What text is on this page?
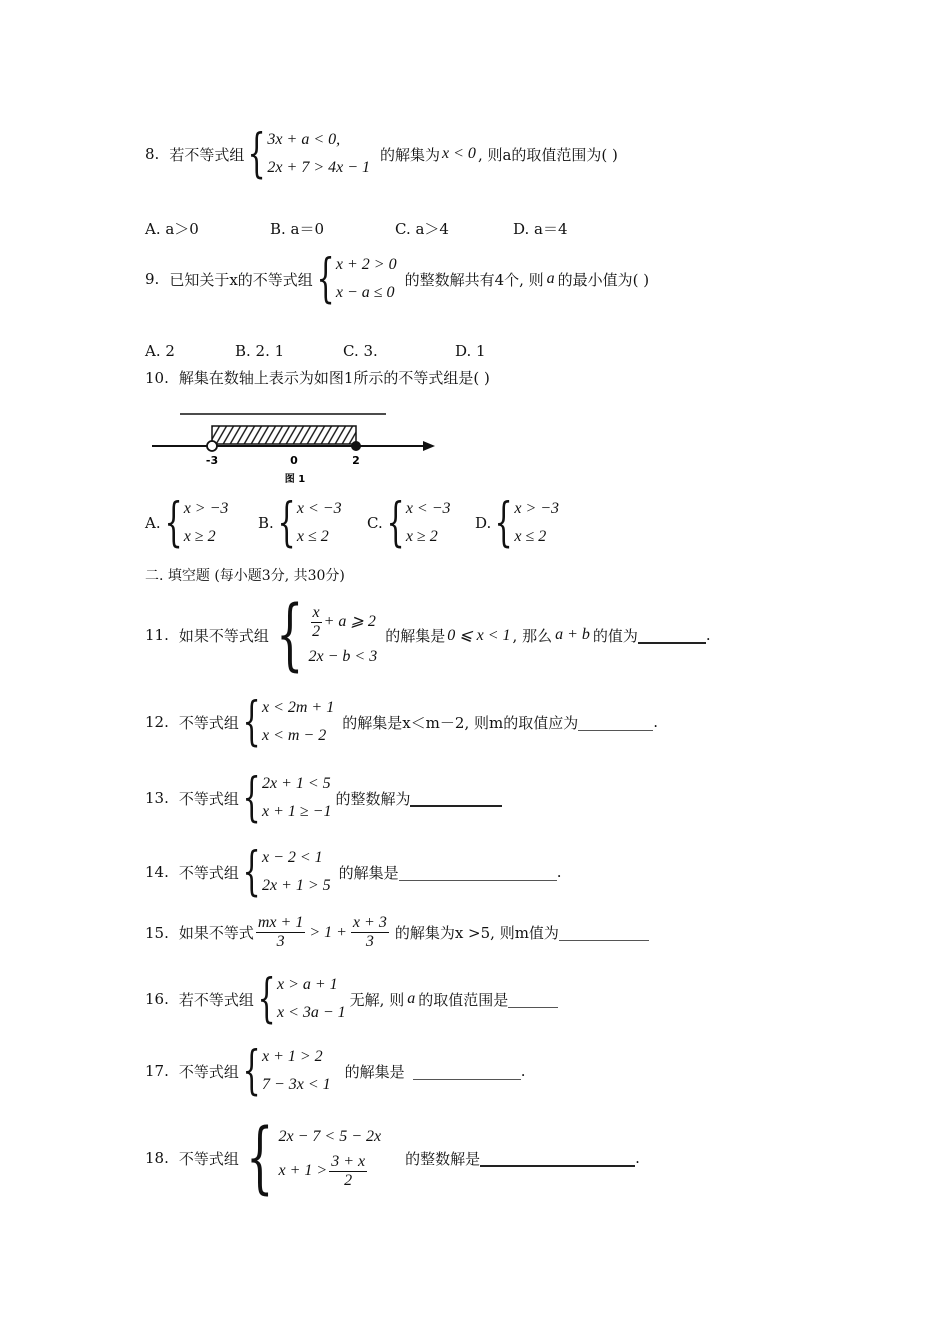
8. 若不等式组 { 3x + a < 0,
2x + 7 > 4x − 1
的解集为 x < 0 , 则a的取值范围为( )
A. a＞0	B. a＝0	C. a＞4	D. a＝4
9. 已知关于x的不等式组 { x + 2 > 0
x − a ≤ 0
的整数解共有4个, 则 a 的最小值为( )
A. 2	B. 2. 1	C. 3.	D. 1
10. 解集在数轴上表示为如图1所示的不等式组是( )
-3	0	2
图 1
A. { x > −3
x ≥ 2
B. { x < −3
x ≤ 2
C. { x < −3
x ≥ 2
D. { x > −3
x ≤ 2
二. 填空题 (每小题3分, 共30分)
11. 如果不等式组 { $\frac{x}{2} + a$ ⩾ 2
2x − b < 3
的解集是 0 ⩽ x < 1 , 那么 a + b 的值为	.
12. 不等式组 { x < 2m + 1
x < m − 2
的解集是x＜m－2, 则m的取值应为	.
13. 不等式组 { 2x + 1 < 5
x + 1 ≥ −1
的整数解为
14. 不等式组 { x − 2 < 1
2x + 1 > 5
的解集是	.
15. 如果不等式 $\frac{mx + 1}{3} > 1 + \frac{x + 3}{3}$ 的解集为x >5, 则m值为
16. 若不等式组 { x > a + 1
x < 3a − 1
无解, 则 a 的取值范围是
17. 不等式组 { x + 1 > 2
7 − 3x < 1
的解集是	.
18. 不等式组 { 2x − 7 < 5 − 2x
$x + 1 > \frac{3 + x}{2}$	的整数解是	.
